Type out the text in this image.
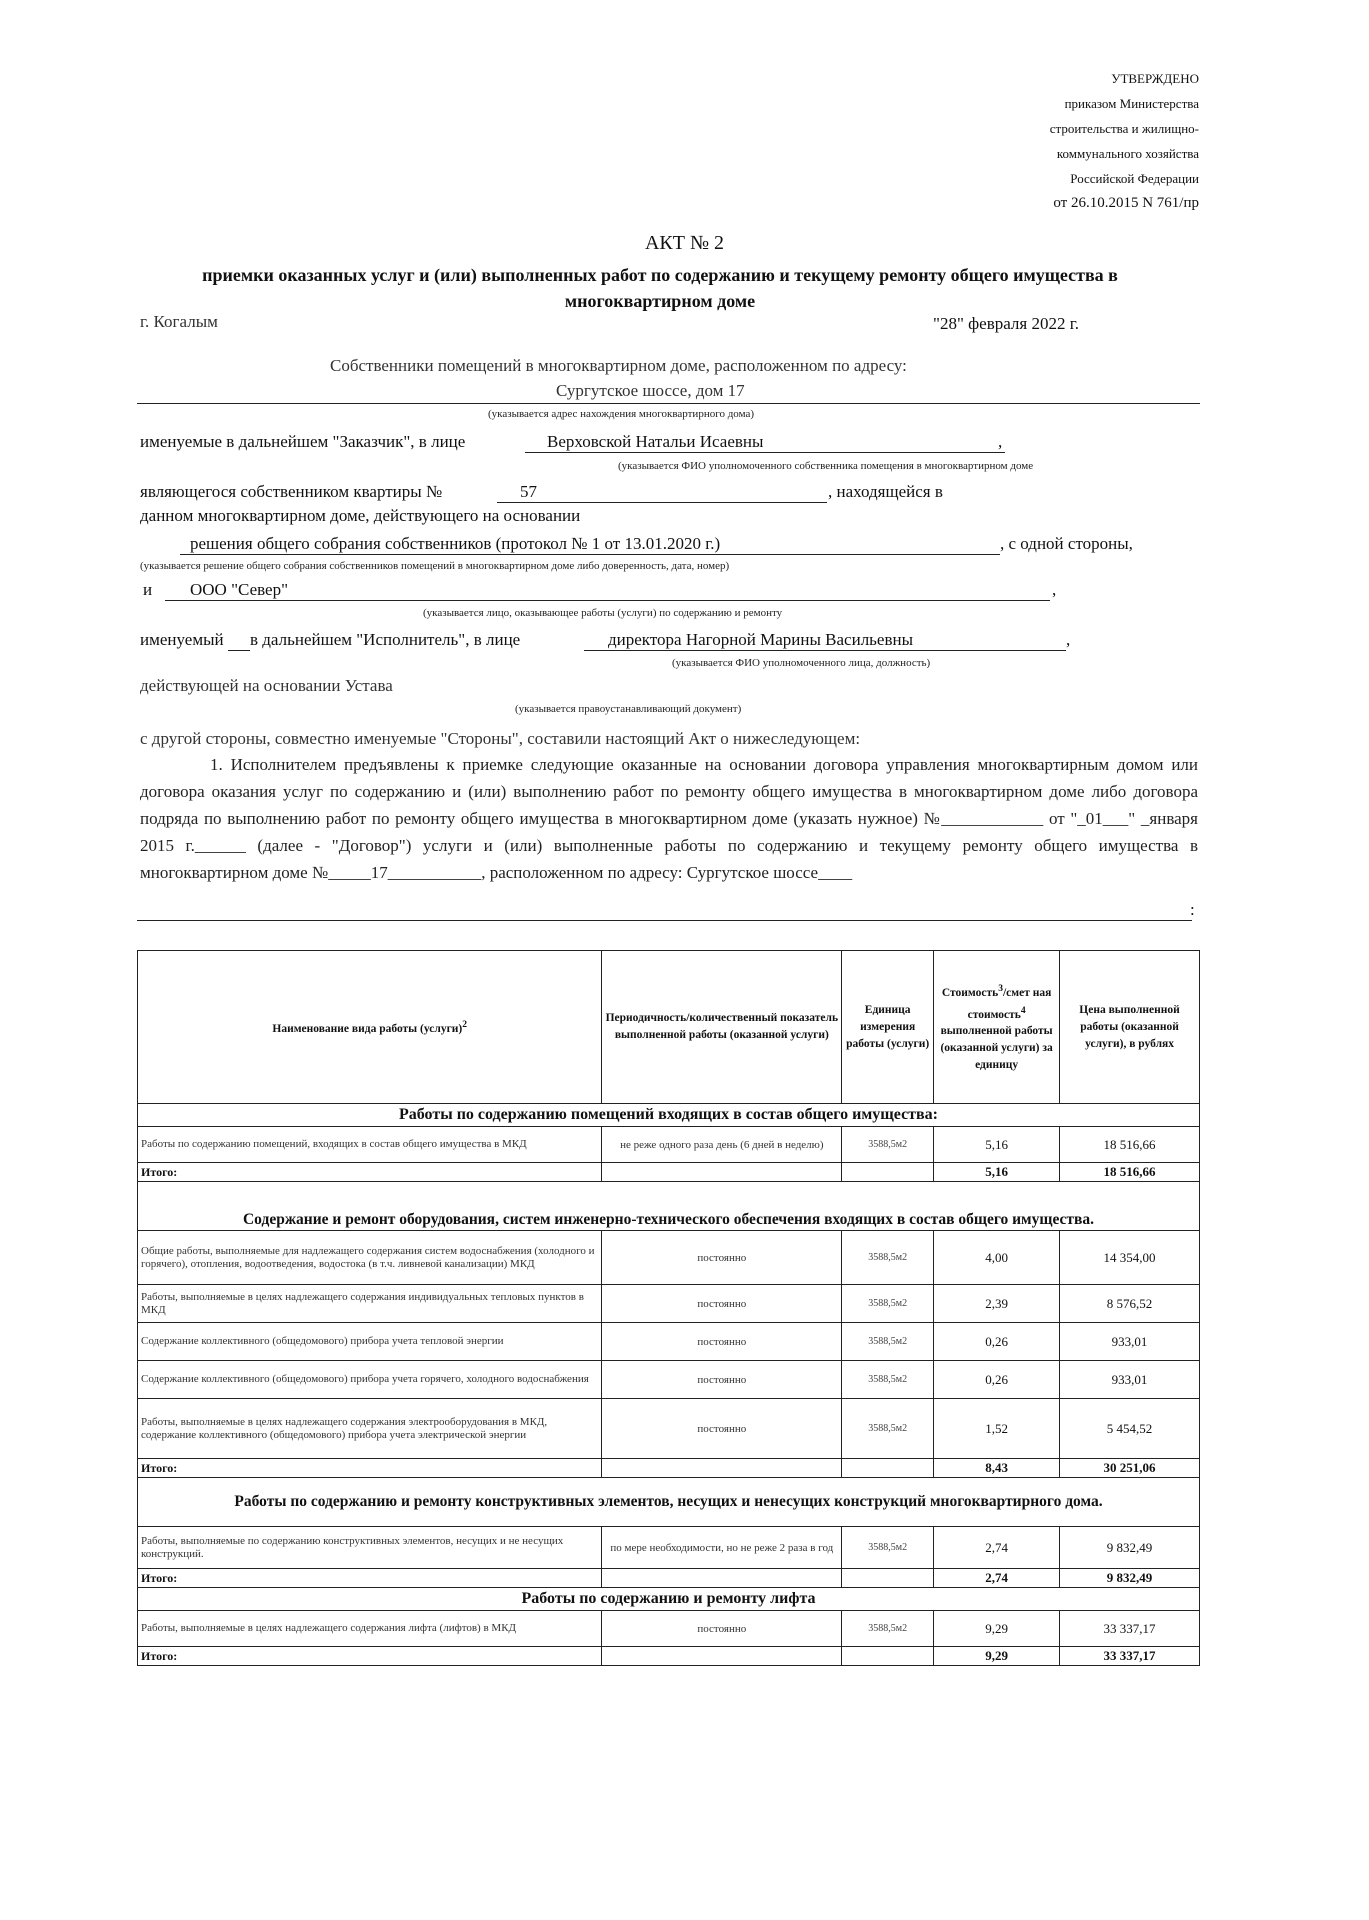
УТВЕРЖДЕНО
приказом Министерства
строительства и жилищно-
коммунального хозяйства
Российской Федерации
от 26.10.2015 N 761/пр
АКТ № 2
приемки оказанных услуг и (или) выполненных работ по содержанию и текущему ремонту общего имущества в многоквартирном доме
г. Когалым	"28" февраля 2022 г.
Собственники помещений в многоквартирном доме, расположенном по адресу:
Сургутское шоссе, дом 17
(указывается адрес нахождения многоквартирного дома)
именуемые в дальнейшем "Заказчик", в лице	Верховской Натальи Исаевны	,
(указывается ФИО уполномоченного собственника помещения в многоквартирном доме
являющегося собственником квартиры №	57	, находящейся в
данном многоквартирном доме, действующего на основании
решения общего собрания собственников (протокол № 1 от 13.01.2020 г.)	, с одной стороны,
(указывается решение общего собрания собственников помещений в многоквартирном доме либо доверенность, дата, номер)
и ООО "Север"	,
(указывается лицо, оказывающее работы (услуги) по содержанию и ремонту
именуемый в дальнейшем "Исполнитель", в лице	директора Нагорной Марины Васильевны	,
(указывается ФИО уполномоченного лица, должность)
действующей на основании Устава
(указывается правоустанавливающий документ)
с другой стороны, совместно именуемые "Стороны", составили настоящий Акт о нижеследующем:
1. Исполнителем предъявлены к приемке следующие оказанные на основании договора управления многоквартирным домом или договора оказания услуг по содержанию и (или) выполнению работ по ремонту общего имущества в многоквартирном доме либо договора подряда по выполнению работ по ремонту общего имущества в многоквартирном доме (указать нужное) №____________ от "_01___" _января 2015 г.______ (далее - "Договор") услуги и (или) выполненные работы по содержанию и текущему ремонту общего имущества в многоквартирном доме №_____17___________, расположенном по адресу: Сургутское шоссе____
:
Наименование вида работы (услуги)$^2$	Периодичность/количественный показатель выполненной работы (оказанной услуги)	Единица измерения работы (услуги)	Стоимость$^3$/смет ная стоимость$^4$ выполненной работы (оказанной услуги) за единицу	Цена выполненной работы (оказанной услуги), в рублях
Работы по содержанию помещений входящих в состав общего имущества:				
Работы по содержанию помещений, входящих в состав общего имущества в МКД	не реже одного раза день (6 дней в неделю)	3588,5м2	5,16	18 516,66
Итого:			5,16	18 516,66
Содержание и ремонт оборудования, систем инженерно-технического обеспечения входящих в состав общего имущества.				
Общие работы, выполняемые для надлежащего содержания систем водоснабжения (холодного и горячего), отопления, водоотведения, водостока (в т.ч. ливневой канализации) МКД	постоянно	3588,5м2	4,00	14 354,00
Работы, выполняемые в целях надлежащего содержания индивидуальных тепловых пунктов в МКД	постоянно	3588,5м2	2,39	8 576,52
Содержание коллективного (общедомового) прибора учета тепловой энергии	постоянно	3588,5м2	0,26	933,01
Содержание коллективного (общедомового) прибора учета горячего, холодного водоснабжения	постоянно	3588,5м2	0,26	933,01
Работы, выполняемые в целях надлежащего содержания электрооборудования в МКД, содержание коллективного (общедомового) прибора учета электрической энергии	постоянно	3588,5м2	1,52	5 454,52
Итого:			8,43	30 251,06
Работы по содержанию и ремонту конструктивных элементов, несущих и ненесущих конструкций многоквартирного дома.				
Работы, выполняемые по содержанию конструктивных элементов, несущих и не несущих конструкций.	по мере необходимости, но не реже 2 раза в год	3588,5м2	2,74	9 832,49
Итого:			2,74	9 832,49
Работы по содержанию и ремонту лифта				
Работы, выполняемые в целях надлежащего содержания лифта (лифтов) в МКД	постоянно	3588,5м2	9,29	33 337,17
Итого:			9,29	33 337,17
